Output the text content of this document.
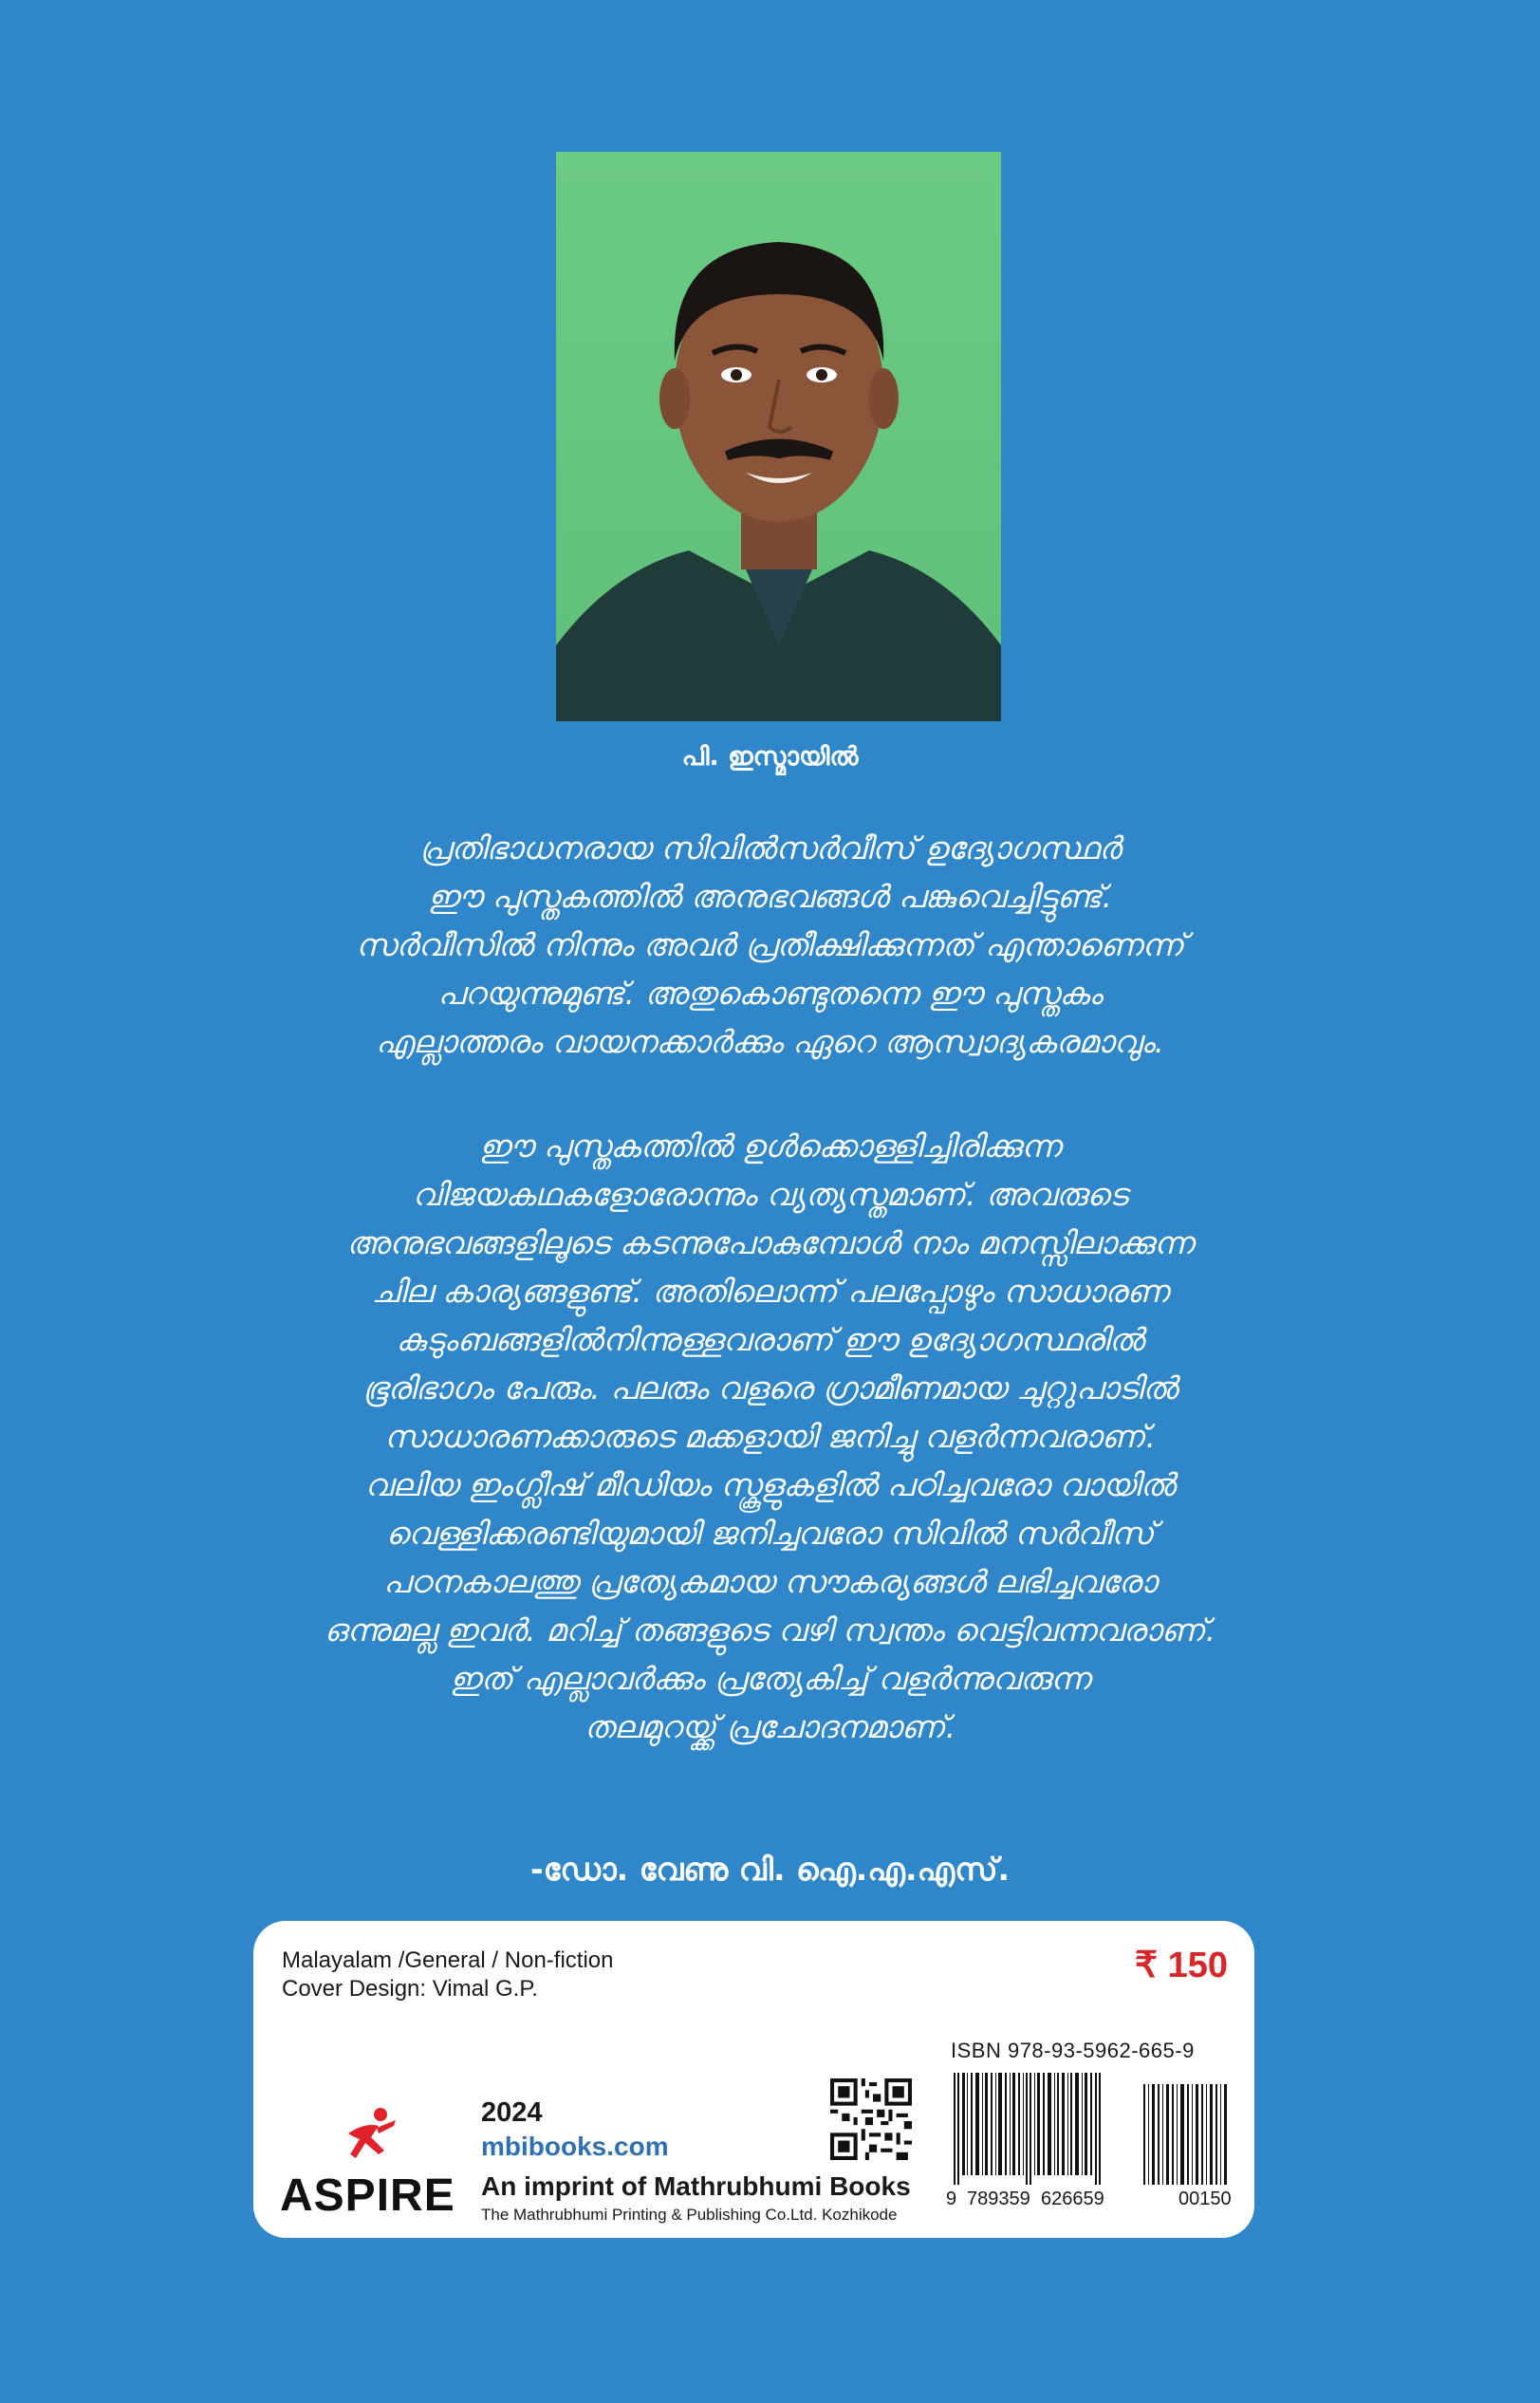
പി. ഇസ്മായിൽ

പ്രതിഭാധനരായ സിവിൽസർവീസ് ഉദ്യോഗസ്ഥർ
ഈ പുസ്തകത്തിൽ അനുഭവങ്ങൾ പങ്കുവെച്ചിട്ടുണ്ട്.
സർവീസിൽ നിന്നും അവർ പ്രതീക്ഷിക്കുന്നത് എന്താണെന്ന്
പറയുന്നുമുണ്ട്. അതുകൊണ്ടുതന്നെ ഈ പുസ്തകം
എല്ലാത്തരം വായനക്കാർക്കും ഏറെ ആസ്വാദ്യകരമാവും.

ഈ പുസ്തകത്തിൽ ഉൾക്കൊള്ളിച്ചിരിക്കുന്ന
വിജയകഥകളോരോന്നും വ്യത്യസ്തമാണ്. അവരുടെ
അനുഭവങ്ങളിലൂടെ കടന്നുപോകുമ്പോൾ നാം മനസ്സിലാക്കുന്ന
ചില കാര്യങ്ങളുണ്ട്. അതിലൊന്ന് പലപ്പോഴും സാധാരണ
കുടുംബങ്ങളിൽനിന്നുള്ളവരാണ് ഈ ഉദ്യോഗസ്ഥരിൽ
ഭൂരിഭാഗം പേരും. പലരും വളരെ ഗ്രാമീണമായ ചുറ്റുപാടിൽ
സാധാരണക്കാരുടെ മക്കളായി ജനിച്ചു വളർന്നവരാണ്.
വലിയ ഇംഗ്ലീഷ് മീഡിയം സ്കൂളുകളിൽ പഠിച്ചവരോ വായിൽ
വെള്ളിക്കരണ്ടിയുമായി ജനിച്ചവരോ സിവിൽ സർവീസ്
പഠനകാലത്തു പ്രത്യേകമായ സൗകര്യങ്ങൾ ലഭിച്ചവരോ
ഒന്നുമല്ല ഇവർ. മറിച്ച് തങ്ങളുടെ വഴി സ്വന്തം വെട്ടിവന്നവരാണ്.
ഇത് എല്ലാവർക്കും പ്രത്യേകിച്ച് വളർന്നുവരുന്ന
തലമുറയ്ക്ക് പ്രചോദനമാണ്.

-ഡോ. വേണു വി. ഐ.എ.എസ്.
Malayalam /General / Non-fiction
Cover Design: Vimal G.P.
₹ 150
ISBN 978-93-5962-665-9
9 789359 626659	00150
2024
mbibooks.com
ASPIRE An imprint of Mathrubhumi Books
The Mathrubhumi Printing & Publishing Co.Ltd. Kozhikode
